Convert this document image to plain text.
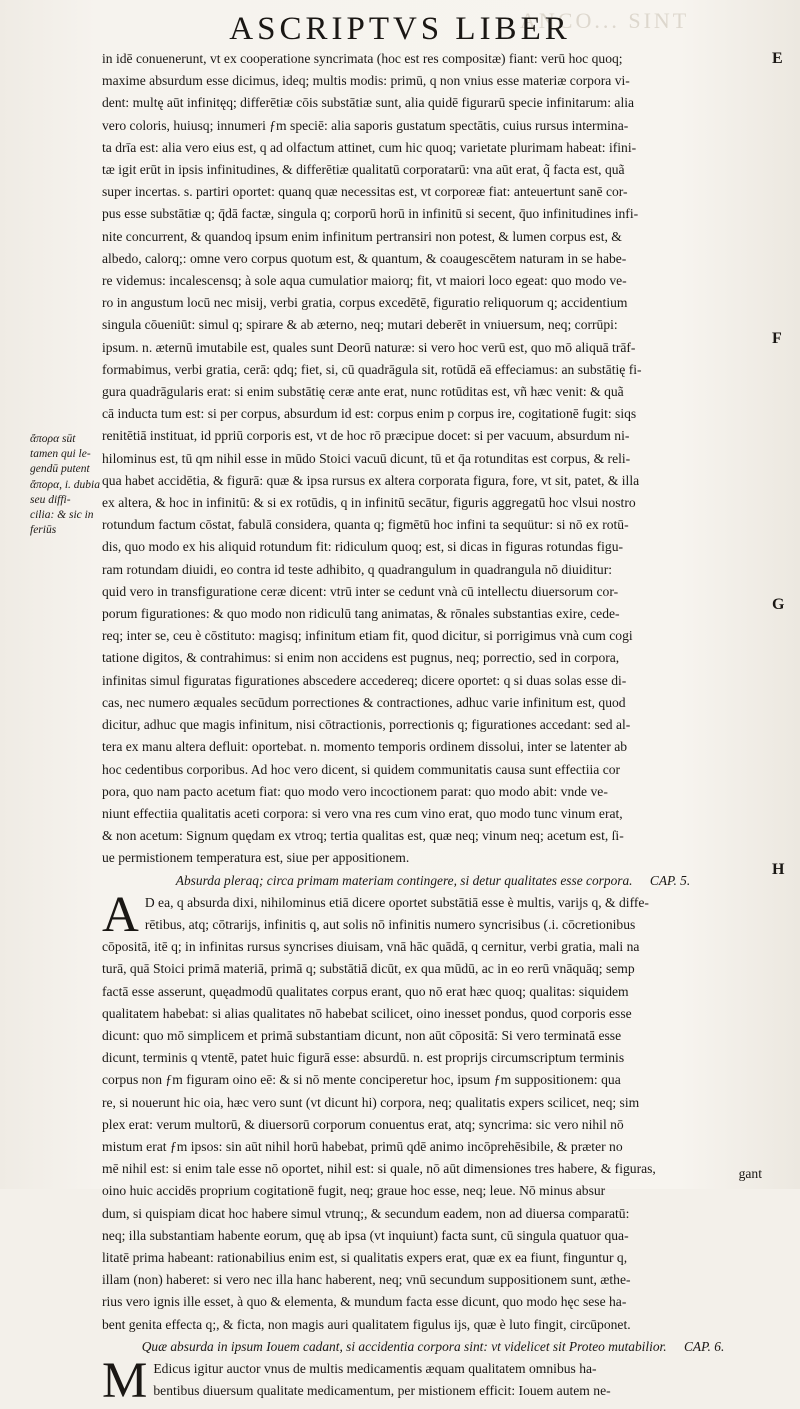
ANCO... SINT
ASCRIPTVS LIBER
ἄπορα sūt
tamen qui le-
gendū putent
ἄπορα, i. dubia
seu diffi-
cilia: & sic in
feriūs
E
F
G
H
in idē conuenerunt, vt ex cooperatione syncrimata (hoc est res compositæ) fiant: verū hoc quoq;
maxime absurdum esse dicimus, ideq; multis modis: primū, q non vnius esse materiæ corpora vi-
dent: multę aūt infinitęq; differētiæ cōis substātiæ sunt, alia quidē figurarū specie infinitarum: alia
vero coloris, huiusq; innumeri ƒm speciē: alia saporis gustatum spectātis, cuius rursus intermina-
ta drīa est: alia vero eius est, q ad olfactum attinet, cum hic quoq; varietate plurimam habeat: ifini-
tæ igit erūt in ipsis infinitudines, & differētiæ qualitatū corporatarū: vna aūt erat, q̃ facta est, quã
super incertas. s. partiri oportet: quanq quæ necessitas est, vt corporeæ fiat: anteuertunt sanē cor-
pus esse substātiæ q; q̄dā factæ, singula q; corporū horū in infinitū si secent, q̄uo infinitudines infi-
nite concurrent, & quandoq ipsum enim infinitum pertransiri non potest, & lumen corpus est, &
albedo, calorq;: omne vero corpus quotum est, & quantum, & coaugescētem naturam in se habe-
re videmus: incalescensq; à sole aqua cumulatior maiorq; fit, vt maiori loco egeat: quo modo ve-
ro in angustum locū nec misij, verbi gratia, corpus excedētē, figuratio reliquorum q; accidentium
singula cōueniūt: simul q; spirare & ab æterno, neq; mutari deberēt in vniuersum, neq; corrūpi:
ipsum. n. æternū imutabile est, quales sunt Deorū naturæ: si vero hoc verū est, quo mō aliquā trāf-
formabimus, verbi gratia, cerā: qdq; fiet, si, cū quadrāgula sit, rotūdā eā effeciamus: an substātię fi-
gura quadrāgularis erat: si enim substātię ceræ ante erat, nunc rotūditas est, vñ hæc venit: & quã
cā inducta tum est: si per corpus, absurdum id est: corpus enim p corpus ire, cogitationē fugit: siqs
renitētiā instituat, id ppriū corporis est, vt de hoc rō præcipue docet: si per vacuum, absurdum ni-
hilominus est, tū qm nihil esse in mūdo Stoici vacuū dicunt, tū et q̄a rotunditas est corpus, & reli-
qua habet accidētia, & figurā: quæ & ipsa rursus ex altera corporata figura, fore, vt sit, patet, & illa
ex altera, & hoc in infinitū: & si ex rotūdis, q in infinitū secātur, figuris aggregatū hoc vlsui nostro
rotundum factum cōstat, fabulā considera, quanta q; figmētū hoc infini ta sequütur: si nō ex rotū-
dis, quo modo ex his aliquid rotundum fit: ridiculum quoq; est, si dicas in figuras rotundas figu-
ram rotundam diuidi, eo contra id teste adhibito, q quadrangulum in quadrangula nō diuiditur:
quid vero in transfiguratione ceræ dicent: vtrū inter se cedunt vnà cū intellectu diuersorum cor-
porum figurationes: & quo modo non ridiculū tang animatas, & rōnales substantias exire, cede-
req; inter se, ceu è cōstituto: magisq; infinitum etiam fit, quod dicitur, si porrigimus vnà cum cogi
tatione digitos, & contrahimus: si enim non accidens est pugnus, neq; porrectio, sed in corpora,
infinitas simul figuratas figurationes abscedere accedereq; dicere oportet: q si duas solas esse di-
cas, nec numero æquales secūdum porrectiones & contractiones, adhuc varie infinitum est, quod
dicitur, adhuc que magis infinitum, nisi cōtractionis, porrectionis q; figurationes accedant: sed al-
tera ex manu altera defluit: oportebat. n. momento temporis ordinem dissolui, inter se latenter ab
hoc cedentibus corporibus. Ad hoc vero dicent, si quidem communitatis causa sunt effectiia cor
pora, quo nam pacto acetum fiat: quo modo vero incoctionem parat: quo modo abit: vnde ve-
niunt effectiia qualitatis aceti corpora: si vero vna res cum vino erat, quo modo tunc vinum erat,
& non acetum: Signum quędam ex vtroq; tertia qualitas est, quæ neq; vinum neq; acetum est, ſi-
ue permistionem temperatura est, siue per appositionem.
Absurda pleraq; circa primam materiam contingere, si detur qualitates esse corpora. CAP. 5.
A D ea, q absurda dixi, nihilominus etiā dicere oportet substātiā esse è multis, varijs q, & diffe-
rētibus, atq; cōtrarijs, infinitis q, aut solis nō infinitis numero syncrisibus (.i. cōcretionibus
cōpositā, itē q; in infinitas rursus syncrises diuisam, vnā hāc quādā, q cernitur, verbi gratia, mali na
turā, quā Stoici primā materiā, primā q; substātiā dicūt, ex qua mūdū, ac in eo rerū vnāquāq; semp
factā esse asserunt, quęadmodū qualitates corpus erant, quo nō erat hæc quoq; qualitas: siquidem
qualitatem habebat: si alias qualitates nō habebat scilicet, oino inesset pondus, quod corporis esse
dicunt: quo mō simplicem et primā substantiam dicunt, non aūt cōpositā: Si vero terminatā esse
dicunt, terminis q vtentē, patet huic figurā esse: absurdū. n. est proprijs circumscriptum terminis
corpus non ƒm figuram oino eē: & si nō mente conciperetur hoc, ipsum ƒm suppositionem: qua
re, si nouerunt hic oia, hæc vero sunt (vt dicunt hi) corpora, neq; qualitatis expers scilicet, neq; sim
plex erat: verum multorū, & diuersorū corporum conuentus erat, atq; syncrima: sic vero nihil nō
mistum erat ƒm ipsos: sin aūt nihil horū habebat, primū qdē animo incōprehēsibile, & præter no
mē nihil est: si enim tale esse nō oportet, nihil est: si quale, nō aūt dimensiones tres habere, & figuras,
oino huic accidēs proprium cogitationē fugit, neq; graue hoc esse, neq; leue. Nō minus absur
dum, si quispiam dicat hoc habere simul vtrunq;, & secundum eadem, non ad diuersa comparatū:
neq; illa substantiam habente eorum, quę ab ipsa (vt inquiunt) facta sunt, cū singula quatuor qua-
litatē prima habeant: rationabilius enim est, si qualitatis expers erat, quæ ex ea fiunt, finguntur q,
illam (non) haberet: si vero nec illa hanc haberent, neq; vnū secundum suppositionem sunt, æthe-
rius vero ignis ille esset, à quo & elementa, & mundum facta esse dicunt, quo modo hęc sese ha-
bent genita effecta q;, & ficta, non magis auri qualitatem figulus ijs, quæ è luto fingit, circūponet.
Quæ absurda in ipsum Iouem cadant, si accidentia corpora sint: vt videlicet sit Proteo mutabilior. CAP. 6.
M Edicus igitur auctor vnus de multis medicamentis æquam qualitatem omnibus ha-
bentibus diuersum qualitate medicamentum, per mistionem efficit: Iouem autem ne-
gant
